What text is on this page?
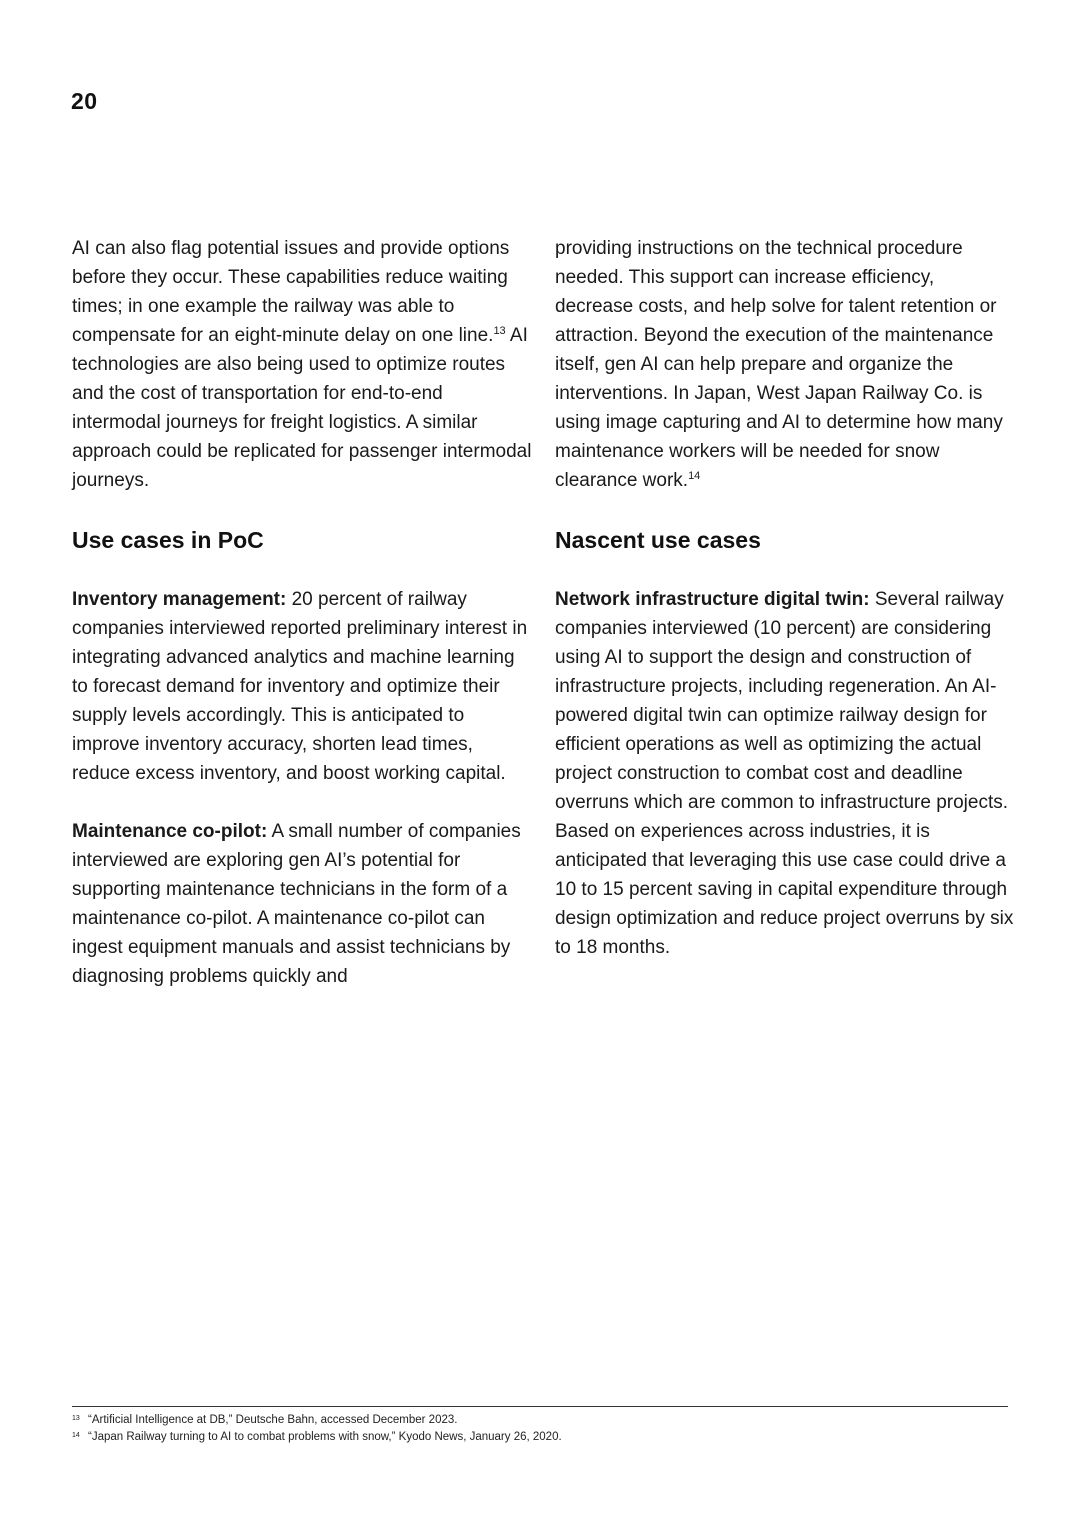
20

AI can also flag potential issues and provide options before they occur. These capabilities reduce waiting times; in one example the railway was able to compensate for an eight-minute delay on one line.$^{13}$ AI technologies are also being used to optimize routes and the cost of transportation for end-to-end intermodal journeys for freight logistics. A similar approach could be replicated for passenger intermodal journeys.

Use cases in PoC

Inventory management: 20 percent of railway companies interviewed reported preliminary interest in integrating advanced analytics and machine learning to forecast demand for inventory and optimize their supply levels accordingly. This is anticipated to improve inventory accuracy, shorten lead times, reduce excess inventory, and boost working capital.

Maintenance co-pilot: A small number of companies interviewed are exploring gen AI’s potential for supporting maintenance technicians in the form of a maintenance co-pilot. A maintenance co-pilot can ingest equipment manuals and assist technicians by diagnosing problems quickly and

providing instructions on the technical procedure needed. This support can increase efficiency, decrease costs, and help solve for talent retention or attraction. Beyond the execution of the maintenance itself, gen AI can help prepare and organize the interventions. In Japan, West Japan Railway Co. is using image capturing and AI to determine how many maintenance workers will be needed for snow clearance work.$^{14}$

Nascent use cases

Network infrastructure digital twin: Several railway companies interviewed (10 percent) are considering using AI to support the design and construction of infrastructure projects, including regeneration. An AI-powered digital twin can optimize railway design for efficient operations as well as optimizing the actual project construction to combat cost and deadline overruns which are common to infrastructure projects. Based on experiences across industries, it is anticipated that leveraging this use case could drive a 10 to 15 percent saving in capital expenditure through design optimization and reduce project overruns by six to 18 months.

13 “Artificial Intelligence at DB,” Deutsche Bahn, accessed December 2023.
14 “Japan Railway turning to AI to combat problems with snow,” Kyodo News, January 26, 2020.
